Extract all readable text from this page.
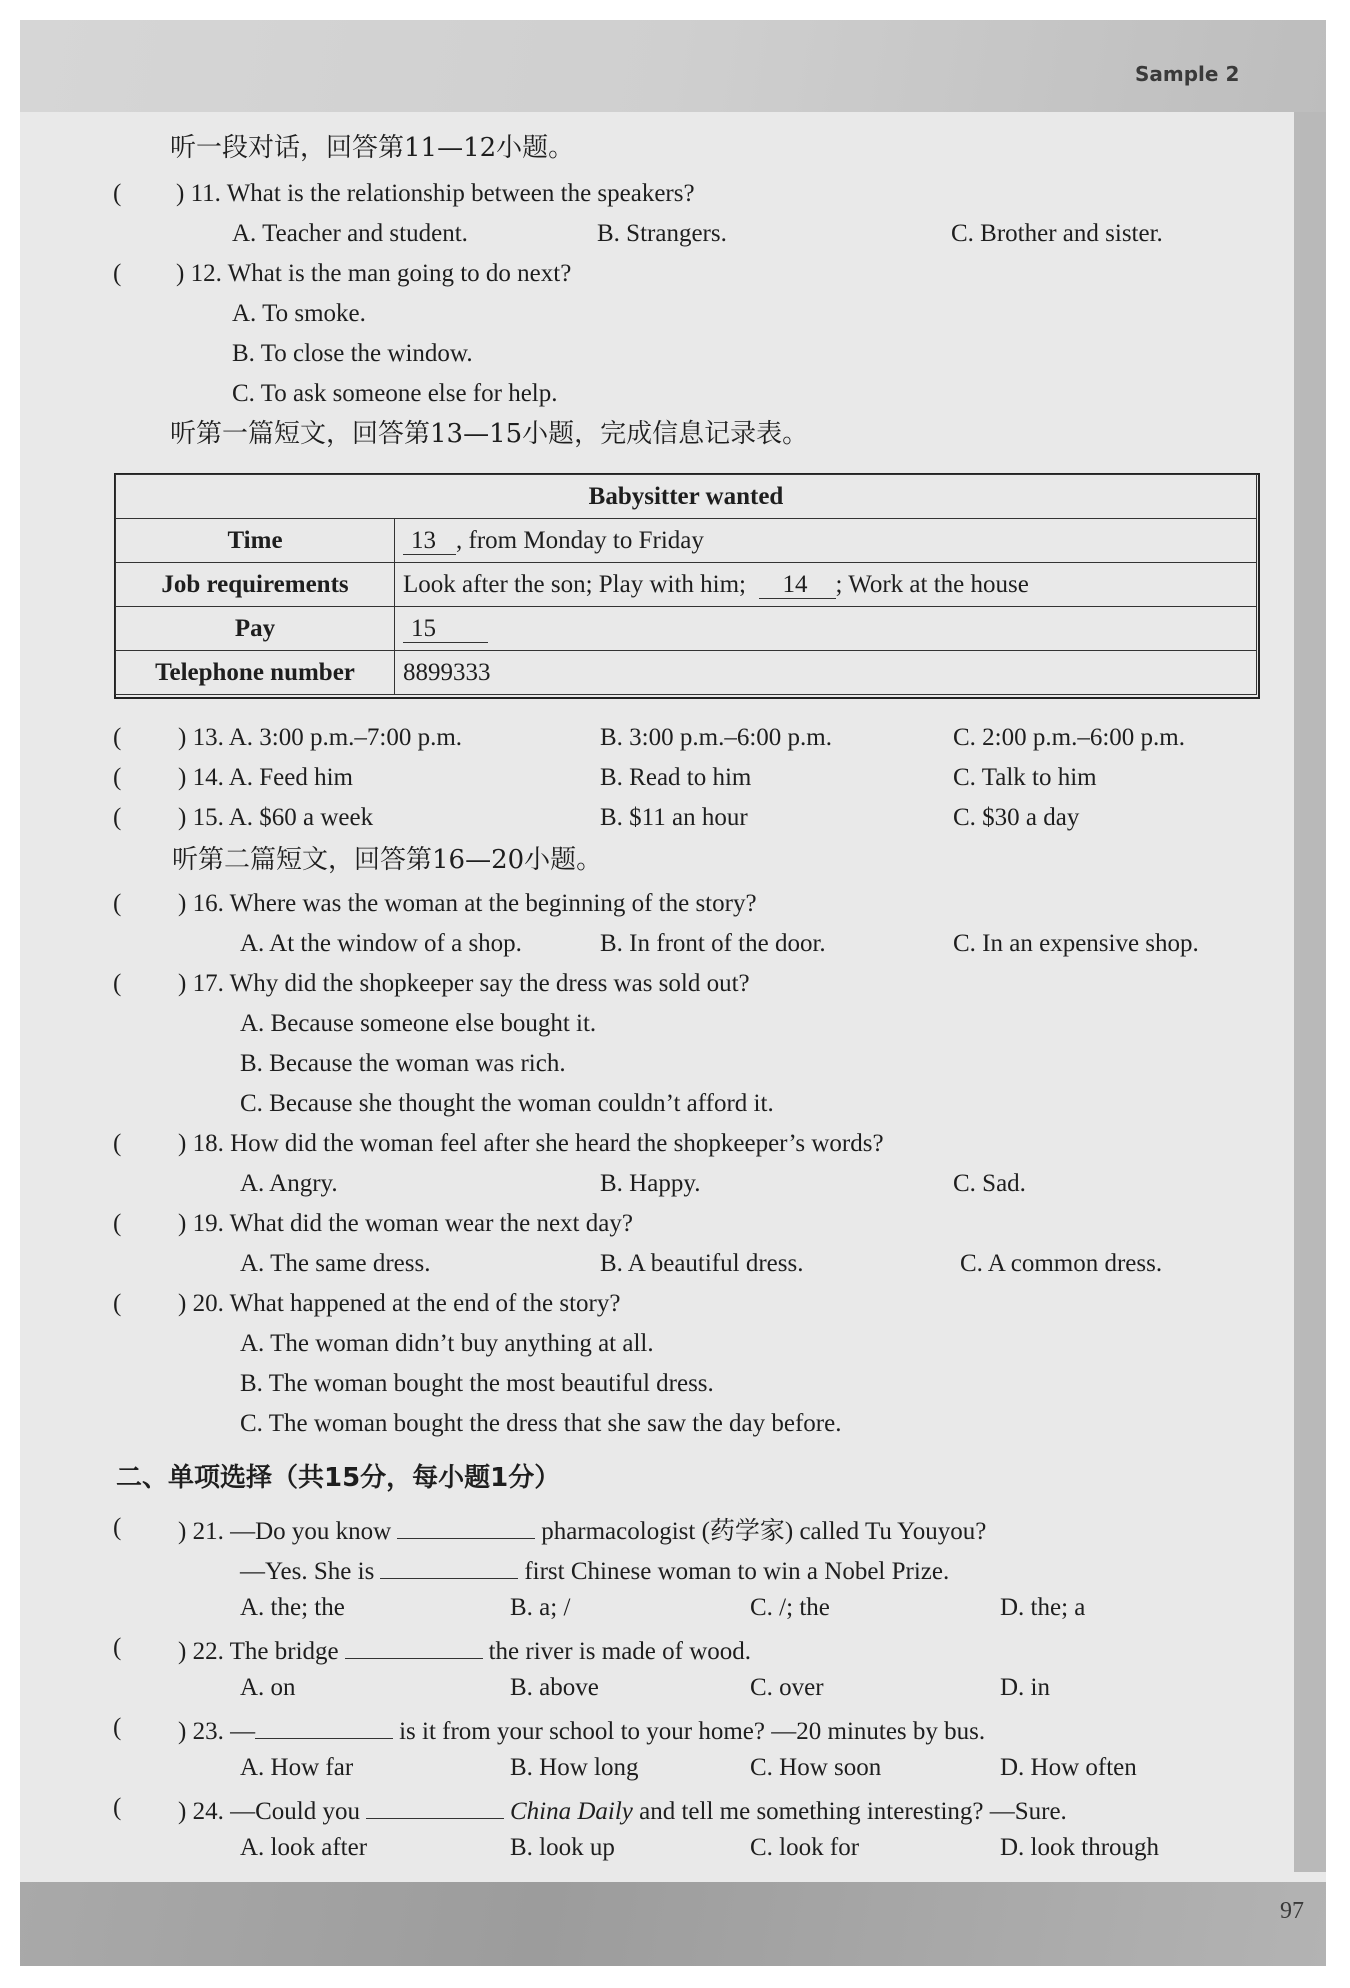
Sample 2
97
听一段对话，回答第11—12小题。
( ) 11. What is the relationship between the speakers?
A. Teacher and student.	B. Strangers.	C. Brother and sister.
( ) 12. What is the man going to do next?
A. To smoke.
B. To close the window.
C. To ask someone else for help.
听第一篇短文，回答第13—15小题，完成信息记录表。
Babysitter wanted	
Time	13 , from Monday to Friday
Job requirements	Look after the son; Play with him; 14 ; Work at the house
Pay	15
Telephone number	8899333
( ) 13. A. 3:00 p.m.–7:00 p.m.	B. 3:00 p.m.–6:00 p.m.	C. 2:00 p.m.–6:00 p.m.
( ) 14. A. Feed him	B. Read to him	C. Talk to him
( ) 15. A. $60 a week	B. $11 an hour	C. $30 a day
听第二篇短文，回答第16—20小题。
( ) 16. Where was the woman at the beginning of the story?
A. At the window of a shop.	B. In front of the door.	C. In an expensive shop.
( ) 17. Why did the shopkeeper say the dress was sold out?
A. Because someone else bought it.
B. Because the woman was rich.
C. Because she thought the woman couldn’t afford it.
( ) 18. How did the woman feel after she heard the shopkeeper’s words?
A. Angry.	B. Happy.	C. Sad.
( ) 19. What did the woman wear the next day?
A. The same dress.	B. A beautiful dress.	C. A common dress.
( ) 20. What happened at the end of the story?
A. The woman didn’t buy anything at all.
B. The woman bought the most beautiful dress.
C. The woman bought the dress that she saw the day before.
二、单项选择（共15分，每小题1分）
( ) 21. —Do you know	pharmacologist (药学家) called Tu Youyou?
—Yes. She is	first Chinese woman to win a Nobel Prize.
A. the; the	B. a; /	C. /; the	D. the; a
( ) 22. The bridge	the river is made of wood.
A. on	B. above	C. over	D. in
( ) 23. —	is it from your school to your home? —20 minutes by bus.
A. How far	B. How long	C. How soon	D. How often
( ) 24. —Could you	China Daily and tell me something interesting? —Sure.
A. look after	B. look up	C. look for	D. look through
